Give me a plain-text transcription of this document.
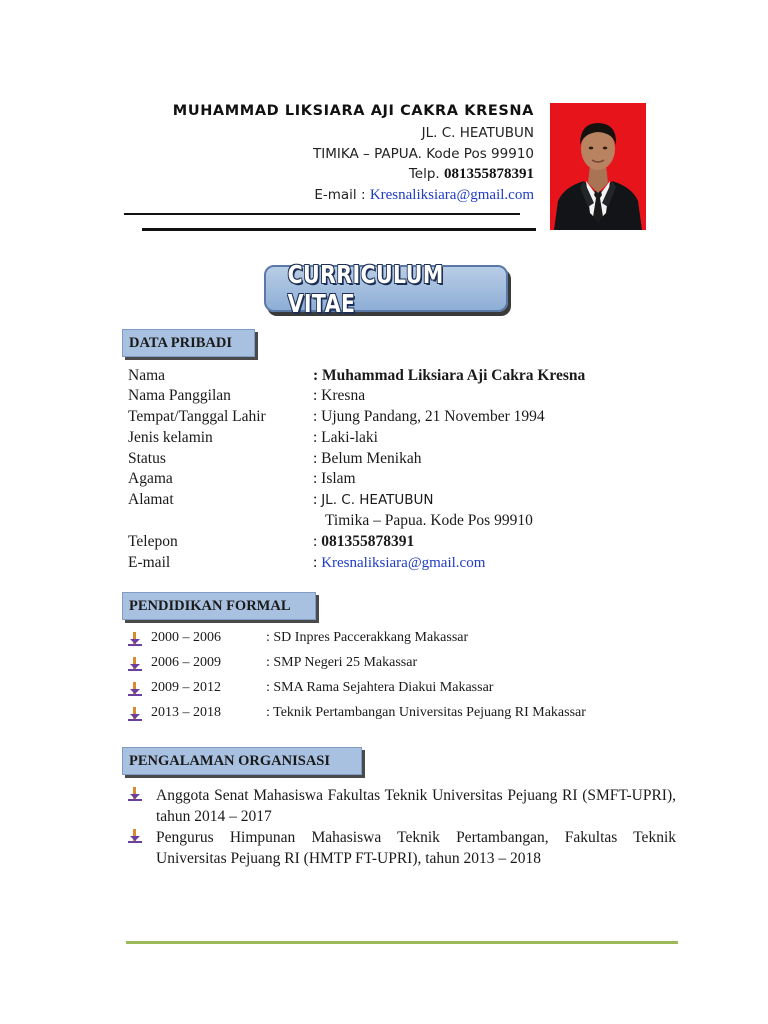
MUHAMMAD LIKSIARA AJI CAKRA KRESNA
JL. C. HEATUBUN
TIMIKA – PAPUA. Kode Pos 99910
Telp. 081355878391
E-mail : Kresnaliksiara@gmail.com
CURRICULUM VITAE
DATA PRIBADI
Nama	: Muhammad Liksiara Aji Cakra Kresna
Nama Panggilan	: Kresna
Tempat/Tanggal Lahir	: Ujung Pandang, 21 November 1994
Jenis kelamin	: Laki-laki
Status	: Belum Menikah
Agama	: Islam
Alamat	: JL. C. HEATUBUN
Timika – Papua. Kode Pos 99910
Telepon	: 081355878391
E-mail	: Kresnaliksiara@gmail.com
PENDIDIKAN FORMAL
2000 – 2006	: SD Inpres Paccerakkang Makassar
2006 – 2009	: SMP Negeri 25 Makassar
2009 – 2012	: SMA Rama Sejahtera Diakui Makassar
2013 – 2018	: Teknik Pertambangan Universitas Pejuang RI Makassar
PENGALAMAN ORGANISASI
Anggota Senat Mahasiswa Fakultas Teknik Universitas Pejuang RI (SMFT-UPRI), tahun 2014 – 2017
Pengurus Himpunan Mahasiswa Teknik Pertambangan, Fakultas Teknik Universitas Pejuang RI (HMTP FT-UPRI), tahun 2013 – 2018
